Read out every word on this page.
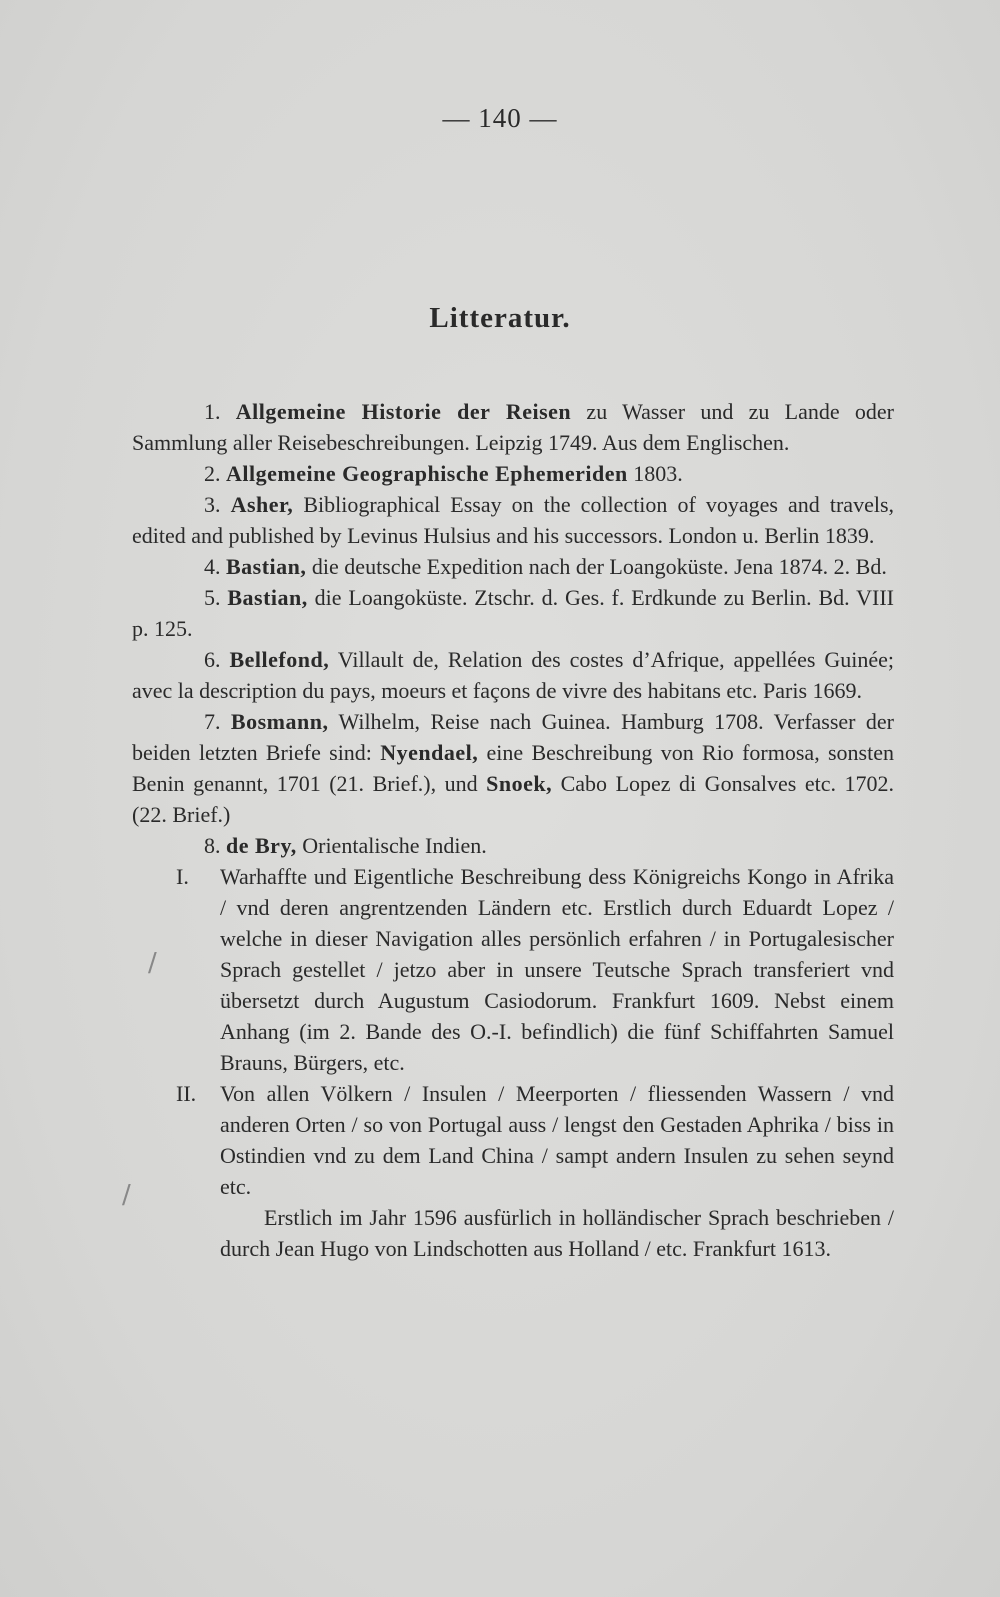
— 140 —
Litteratur.
/
/

1. Allgemeine Historie der Reisen zu Wasser und zu Lande oder Sammlung aller Reisebeschreibungen. Leipzig 1749. Aus dem Englischen.

2. Allgemeine Geographische Ephemeriden 1803.

3. Asher, Bibliographical Essay on the collection of voyages and travels, edited and published by Levinus Hulsius and his successors. London u. Berlin 1839.

4. Bastian, die deutsche Expedition nach der Loangoküste. Jena 1874. 2. Bd.

5. Bastian, die Loangoküste. Ztschr. d. Ges. f. Erdkunde zu Berlin. Bd. VIII p. 125.

6. Bellefond, Villault de, Relation des costes d’Afrique, appellées Guinée; avec la description du pays, moeurs et façons de vivre des habitans etc. Paris 1669.

7. Bosmann, Wilhelm, Reise nach Guinea. Hamburg 1708. Verfasser der beiden letzten Briefe sind: Nyendael, eine Beschreibung von Rio formosa, sonsten Benin genannt, 1701 (21. Brief.), und Snoek, Cabo Lopez di Gonsalves etc. 1702. (22. Brief.)

8. de Bry, Orientalische Indien.

I. Warhaffte und Eigentliche Beschreibung dess Königreichs Kongo in Afrika / vnd deren angrentzenden Ländern etc. Erstlich durch Eduardt Lopez / welche in dieser Navigation alles persönlich erfahren / in Portugalesischer Sprach gestellet / jetzo aber in unsere Teutsche Sprach transferiert vnd übersetzt durch Augustum Casiodorum. Frankfurt 1609. Nebst einem Anhang (im 2. Bande des O.-I. befindlich) die fünf Schiffahrten Samuel Brauns, Bürgers, etc.

II. Von allen Völkern / Insulen / Meerporten / fliessenden Wassern / vnd anderen Orten / so von Portugal auss / lengst den Gestaden Aphrika / biss in Ostindien vnd zu dem Land China / sampt andern Insulen zu sehen seynd etc.
Erstlich im Jahr 1596 ausfürlich in holländischer Sprach beschrieben / durch Jean Hugo von Lindschotten aus Holland / etc. Frankfurt 1613.
